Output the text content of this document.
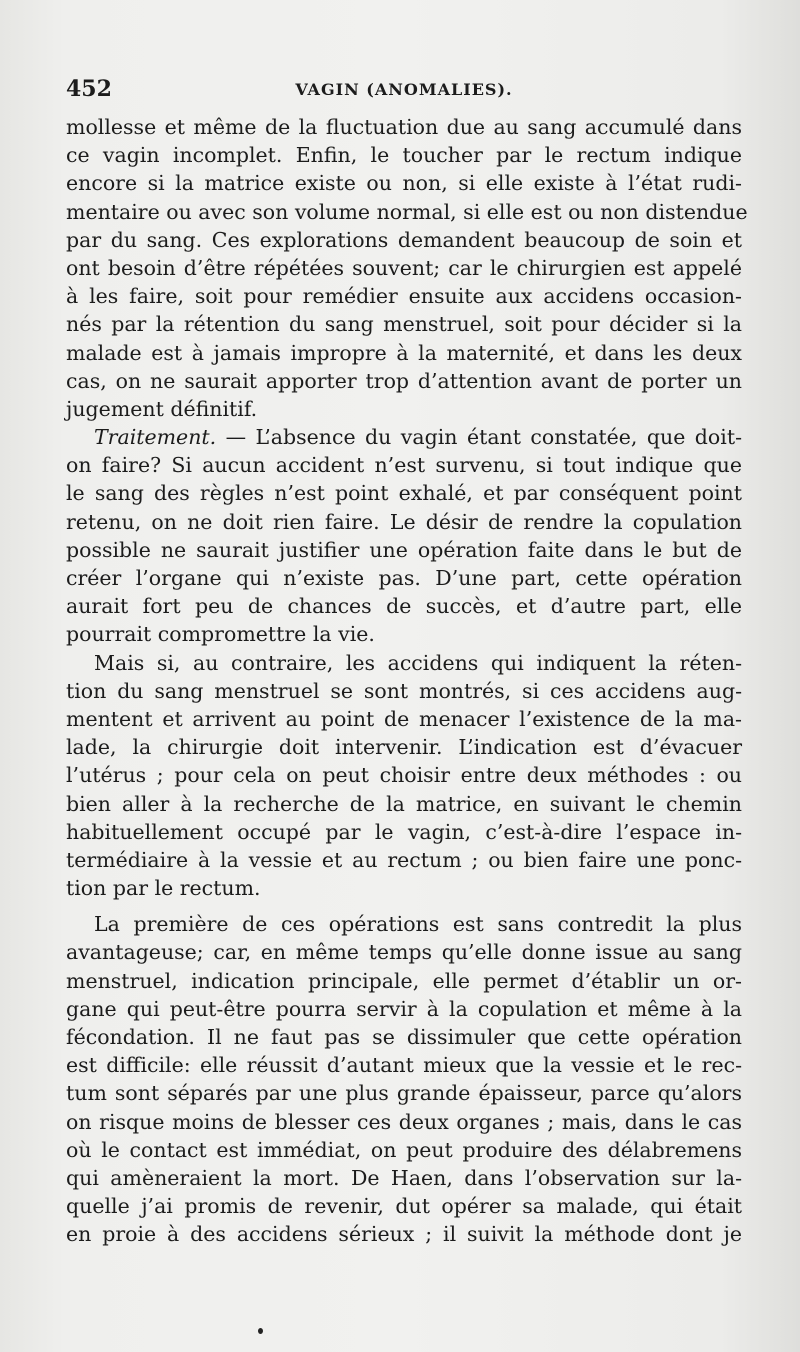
452	VAGIN (ANOMALIES).
mollesse et même de la fluctuation due au sang accumulé dans
ce vagin incomplet. Enfin, le toucher par le rectum indique
encore si la matrice existe ou non, si elle existe à l’état rudi-
mentaire ou avec son volume normal, si elle est ou non distendue
par du sang. Ces explorations demandent beaucoup de soin et
ont besoin d’être répétées souvent; car le chirurgien est appelé
à les faire, soit pour remédier ensuite aux accidens occasion-
nés par la rétention du sang menstruel, soit pour décider si la
malade est à jamais impropre à la maternité, et dans les deux
cas, on ne saurait apporter trop d’attention avant de porter un
jugement définitif.
Traitement. — L’absence du vagin étant constatée, que doit-
on faire? Si aucun accident n’est survenu, si tout indique que
le sang des règles n’est point exhalé, et par conséquent point
retenu, on ne doit rien faire. Le désir de rendre la copulation
possible ne saurait justifier une opération faite dans le but de
créer l’organe qui n’existe pas. D’une part, cette opération
aurait fort peu de chances de succès, et d’autre part, elle
pourrait compromettre la vie.
Mais si, au contraire, les accidens qui indiquent la réten-
tion du sang menstruel se sont montrés, si ces accidens aug-
mentent et arrivent au point de menacer l’existence de la ma-
lade, la chirurgie doit intervenir. L’indication est d’évacuer
l’utérus ; pour cela on peut choisir entre deux méthodes : ou
bien aller à la recherche de la matrice, en suivant le chemin
habituellement occupé par le vagin, c’est-à-dire l’espace in-
termédiaire à la vessie et au rectum ; ou bien faire une ponc-
tion par le rectum.
La première de ces opérations est sans contredit la plus
avantageuse; car, en même temps qu’elle donne issue au sang
menstruel, indication principale, elle permet d’établir un or-
gane qui peut-être pourra servir à la copulation et même à la
fécondation. Il ne faut pas se dissimuler que cette opération
est difficile: elle réussit d’autant mieux que la vessie et le rec-
tum sont séparés par une plus grande épaisseur, parce qu’alors
on risque moins de blesser ces deux organes ; mais, dans le cas
où le contact est immédiat, on peut produire des délabremens
qui amèneraient la mort. De Haen, dans l’observation sur la-
quelle j’ai promis de revenir, dut opérer sa malade, qui était
en proie à des accidens sérieux ; il suivit la méthode dont je
